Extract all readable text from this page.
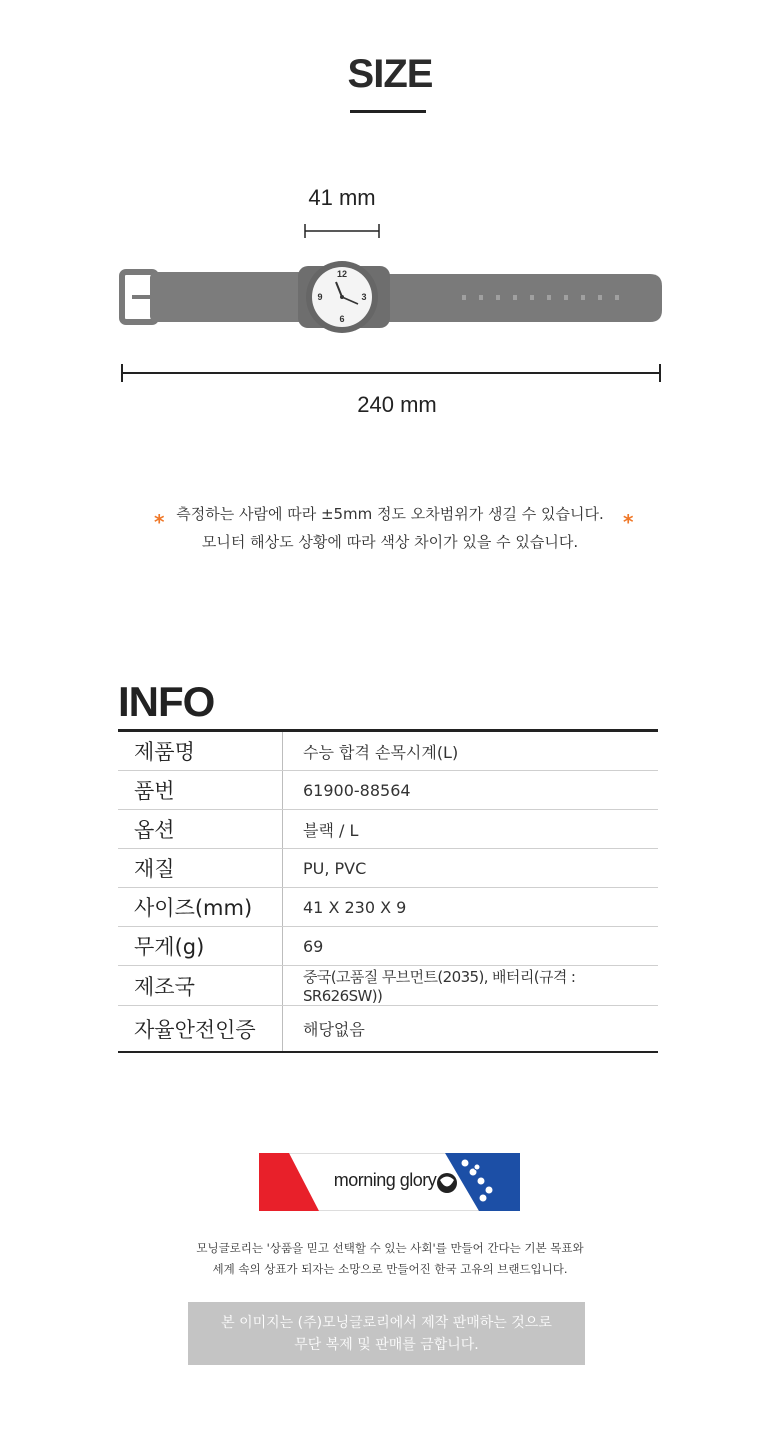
SIZE
41 mm
12
3
6
9
240 mm
*	*
측정하는 사람에 따라 ±5mm 정도 오차범위가 생길 수 있습니다.
모니터 해상도 상황에 따라 색상 차이가 있을 수 있습니다.
INFO
제품명	수능 합격 손목시계(L)
품번	61900-88564
옵션	블랙 / L
재질	PU, PVC
사이즈(mm)	41 X 230 X 9
무게(g)	69
제조국	중국(고품질 무브먼트(2035), 배터리(규격 : SR626SW))
자율안전인증	해당없음
morning glory
모닝글로리는 '상품을 믿고 선택할 수 있는 사회'를 만들어 간다는 기본 목표와
세계 속의 상표가 되자는 소망으로 만들어진 한국 고유의 브랜드입니다.
본 이미지는 (주)모닝글로리에서 제작 판매하는 것으로
무단 복제 및 판매를 금합니다.
